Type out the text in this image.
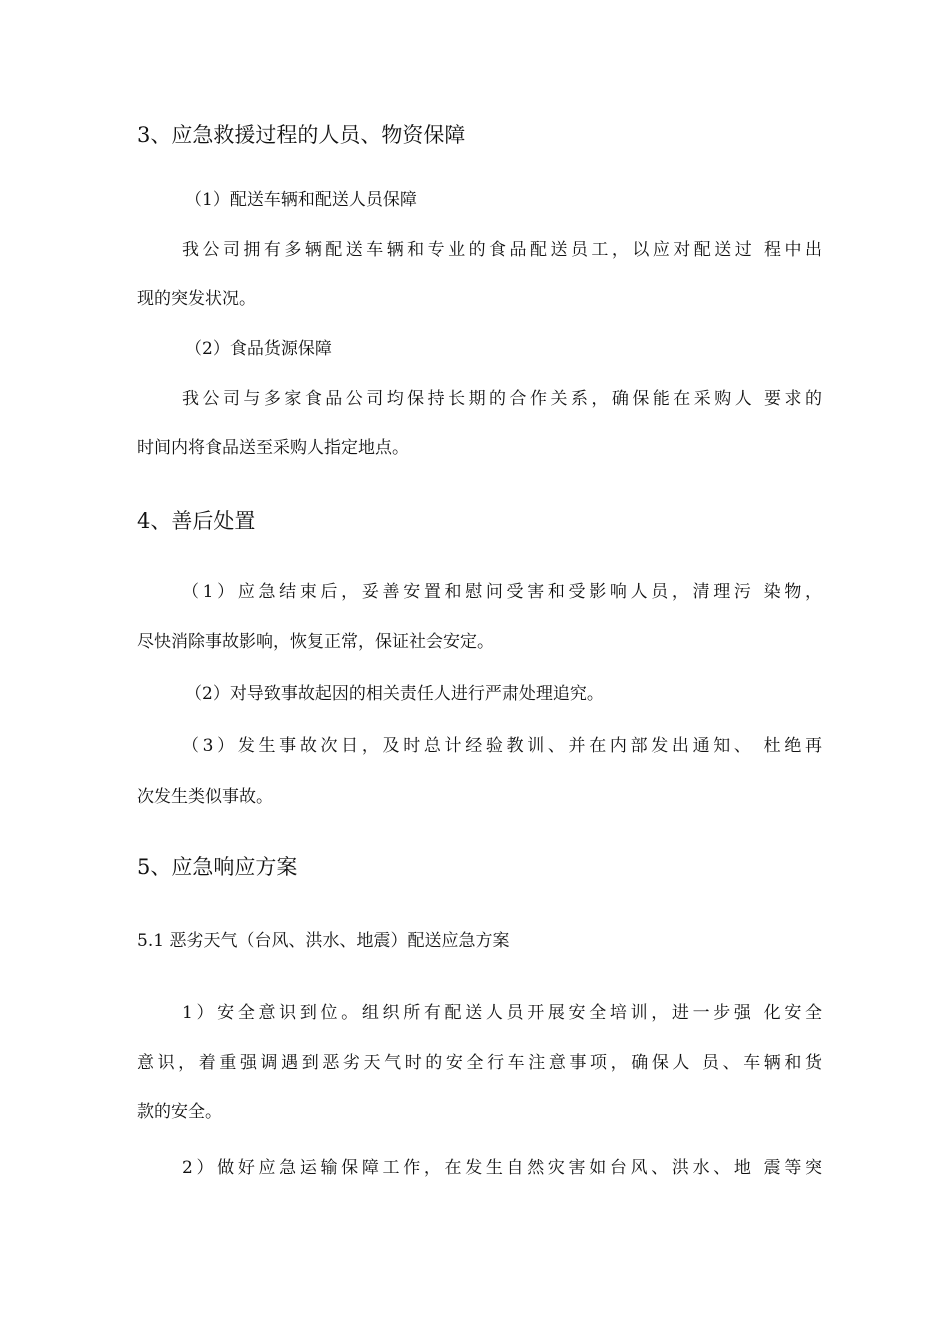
3、应急救援过程的人员、物资保障

（1）配送车辆和配送人员保障

我公司拥有多辆配送车辆和专业的食品配送员工，以应对配送过 程中出

现的突发状况。

（2）食品货源保障

我公司与多家食品公司均保持长期的合作关系，确保能在采购人 要求的

时间内将食品送至采购人指定地点。

4、善后处置

（1）应急结束后，妥善安置和慰问受害和受影响人员，清理污 染物，

尽快消除事故影响，恢复正常，保证社会安定。

（2）对导致事故起因的相关责任人进行严肃处理追究。

（3）发生事故次日，及时总计经验教训、并在内部发出通知、 杜绝再

次发生类似事故。

5、应急响应方案

5.1 恶劣天气（台风、洪水、地震）配送应急方案

1）安全意识到位。组织所有配送人员开展安全培训，进一步强 化安全

意识，着重强调遇到恶劣天气时的安全行车注意事项，确保人 员、车辆和货

款的安全。

2）做好应急运输保障工作，在发生自然灾害如台风、洪水、地 震等突
